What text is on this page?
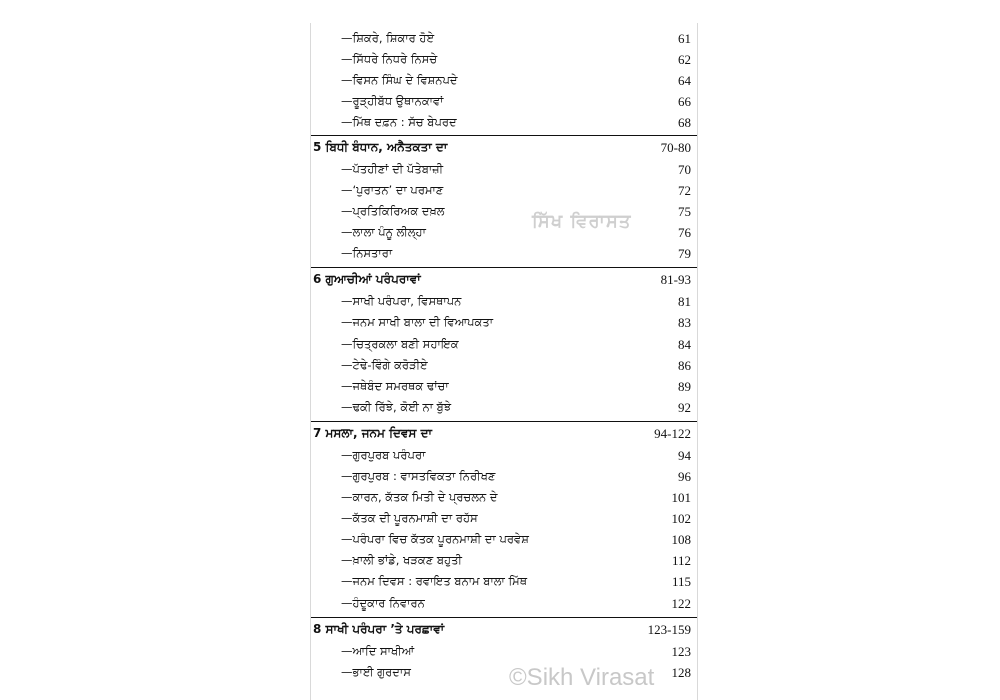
—ਸ਼ਿਕਰੇ, ਸ਼ਿਕਾਰ ਹੋਏ	61
—ਸਿੱਧਰੇ ਨਿਧਰੇ ਨਿਸਚੇ	62
—ਵਿਸਨ ਸਿੰਘ ਦੇ ਵਿਸ਼ਨਪਦੇ	64
—ਰੂੜ੍ਹੀਬੱਧ ਉਥਾਨਕਾਵਾਂ	66
—ਮਿੱਥ ਦਫ਼ਨ : ਸੱਚ ਬੇਪਰਦ	68
5 ਬਿਧੀ ਬੰਧਾਨ, ਅਨੈਤਕਤਾ ਦਾ	70-80
—ਪੱਤਹੀਣਾਂ ਦੀ ਪੱਤੇਬਾਜ਼ੀ	70
—‘ਪੁਰਾਤਨ’ ਦਾ ਪਰਮਾਣ	72
—ਪ੍ਰਤਿਕਿਰਿਅਕ ਦਖ਼ਲ	75
—ਲਾਲਾ ਪੰਨੂ ਲੀਲ੍ਹਾ	76
—ਨਿਸਤਾਰਾ	79
6 ਗੁਆਚੀਆਂ ਪਰੰਪਰਾਵਾਂ	81-93
—ਸਾਖੀ ਪਰੰਪਰਾ, ਵਿਸਥਾਪਨ	81
—ਜਨਮ ਸਾਖੀ ਬਾਲਾ ਦੀ ਵਿਆਪਕਤਾ	83
—ਚਿਤ੍ਰਕਲਾ ਬਣੀ ਸਹਾਇਕ	84
—ਟੇਢੇ-ਵਿੰਗੇ ਕਰੋੜੀਏ	86
—ਜਥੇਬੰਦ ਸਮਰਥਕ ਢਾਂਚਾ	89
—ਢਕੀ ਰਿੱਝੇ, ਕੋਈ ਨਾ ਬੁੱਝੇ	92
7 ਮਸਲਾ, ਜਨਮ ਦਿਵਸ ਦਾ	94-122
—ਗੁਰਪੁਰਬ ਪਰੰਪਰਾ	94
—ਗੁਰਪੁਰਬ : ਵਾਸਤਵਿਕਤਾ ਨਿਰੀਖਣ	96
—ਕਾਰਨ, ਕੱਤਕ ਮਿਤੀ ਦੇ ਪ੍ਰਚਲਨ ਦੇ	101
—ਕੱਤਕ ਦੀ ਪੂਰਨਮਾਸ਼ੀ ਦਾ ਰਹੱਸ	102
—ਪਰੰਪਰਾ ਵਿਚ ਕੱਤਕ ਪੂਰਨਮਾਸ਼ੀ ਦਾ ਪਰਵੇਸ਼	108
—ਖ਼ਾਲੀ ਭਾਂਡੇ, ਖੜਕਣ ਬਹੁਤੀ	112
—ਜਨਮ ਦਿਵਸ : ਰਵਾਇਤ ਬਨਾਮ ਬਾਲਾ ਮਿੱਥ	115
—ਹੰਦੂਕਾਰ ਨਿਵਾਰਨ	122
8 ਸਾਖੀ ਪਰੰਪਰਾ ’ਤੇ ਪਰਛਾਵਾਂ	123-159
—ਆਦਿ ਸਾਖੀਆਂ	123
—ਭਾਈ ਗੁਰਦਾਸ	128
ਸਿੱਖ ਵਿਰਾਸਤ
©Sikh Virasat
